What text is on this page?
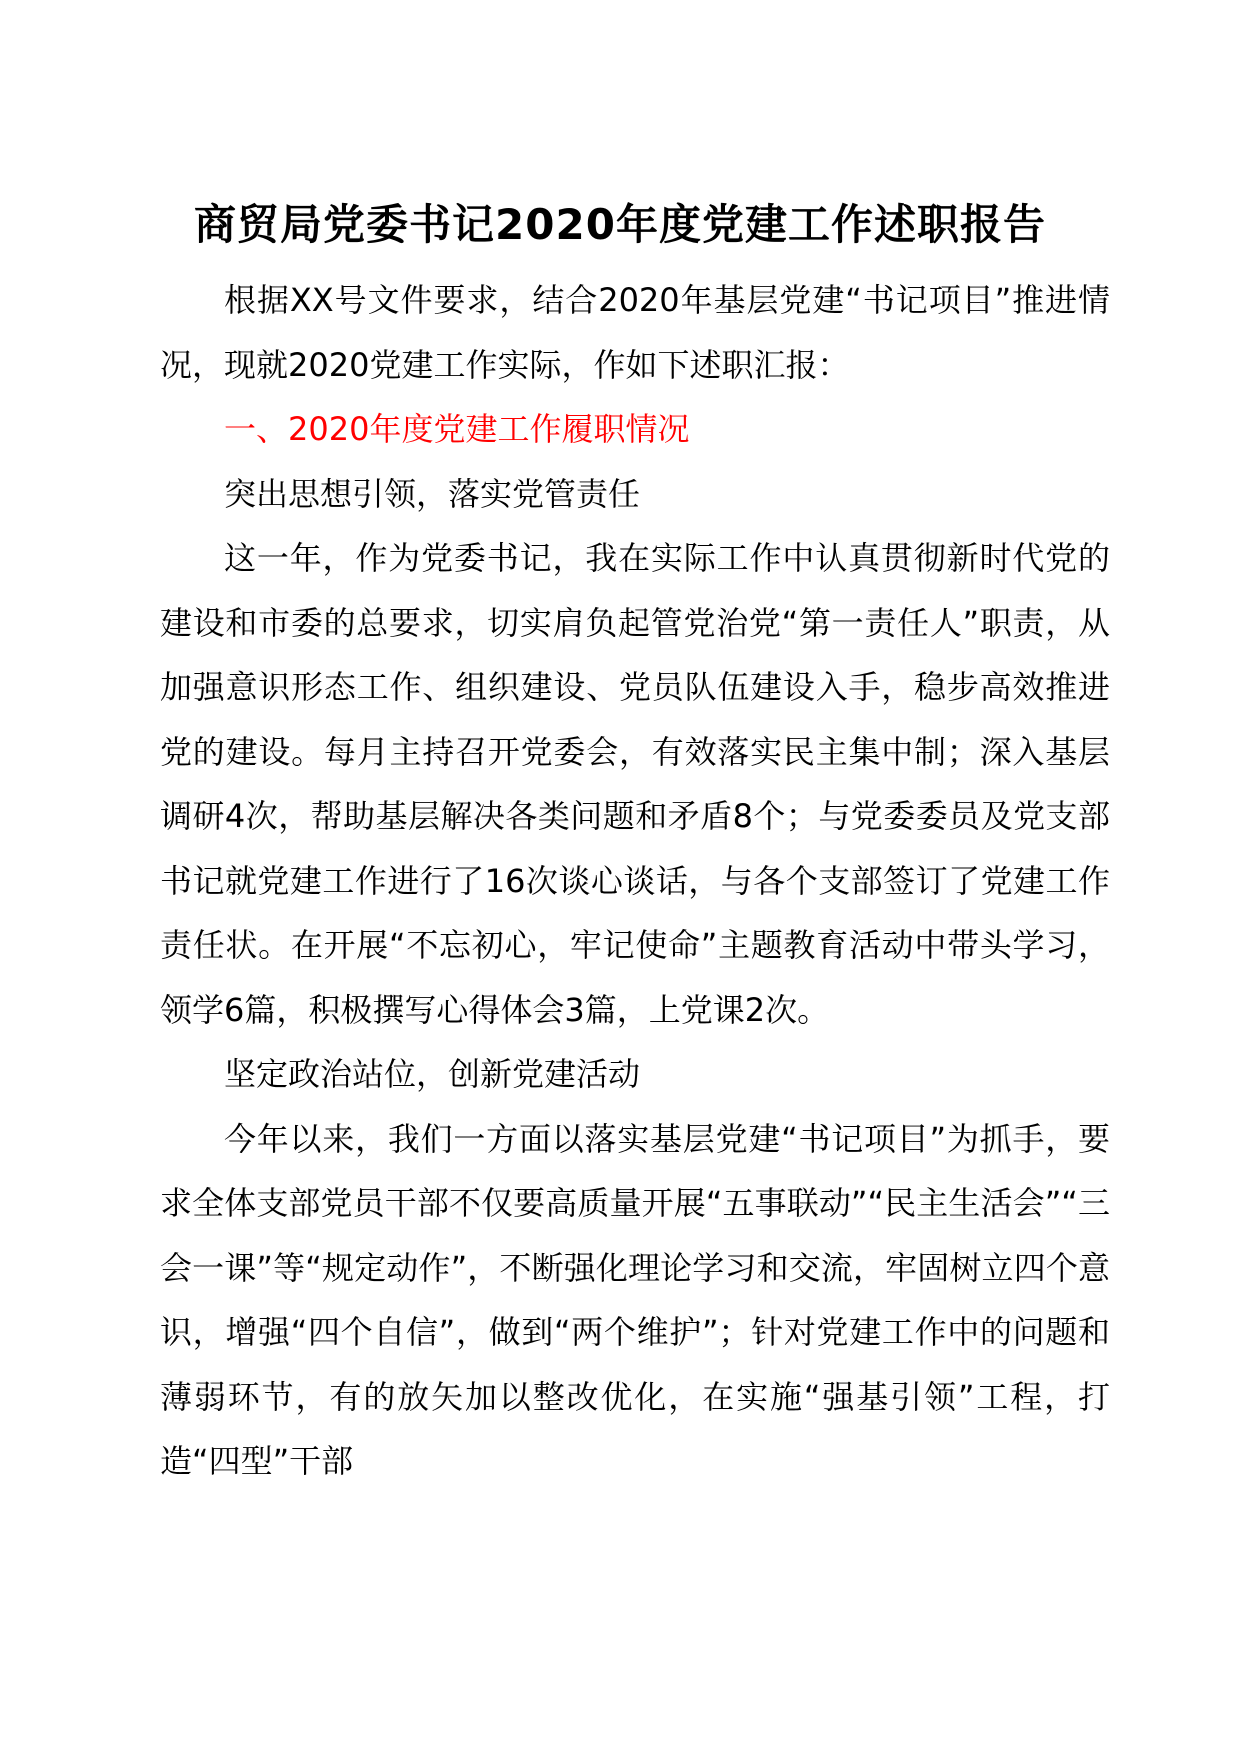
商贸局党委书记2020年度党建工作述职报告

根据XX号文件要求，结合2020年基层党建“书记项目”推进情况，现就2020党建工作实际，作如下述职汇报：

一、2020年度党建工作履职情况

突出思想引领，落实党管责任

这一年，作为党委书记，我在实际工作中认真贯彻新时代党的建设和市委的总要求，切实肩负起管党治党“第一责任人”职责，从加强意识形态工作、组织建设、党员队伍建设入手，稳步高效推进党的建设。每月主持召开党委会，有效落实民主集中制；深入基层调研4次，帮助基层解决各类问题和矛盾8个；与党委委员及党支部书记就党建工作进行了16次谈心谈话，与各个支部签订了党建工作责任状。在开展“不忘初心，牢记使命”主题教育活动中带头学习，领学6篇，积极撰写心得体会3篇，上党课2次。

坚定政治站位，创新党建活动

今年以来，我们一方面以落实基层党建“书记项目”为抓手，要求全体支部党员干部不仅要高质量开展“五事联动”“民主生活会”“三会一课”等“规定动作”，不断强化理论学习和交流，牢固树立四个意识，增强“四个自信”，做到“两个维护”；针对党建工作中的问题和薄弱环节，有的放矢加以整改优化，在实施“强基引领”工程，打造“四型”干部
